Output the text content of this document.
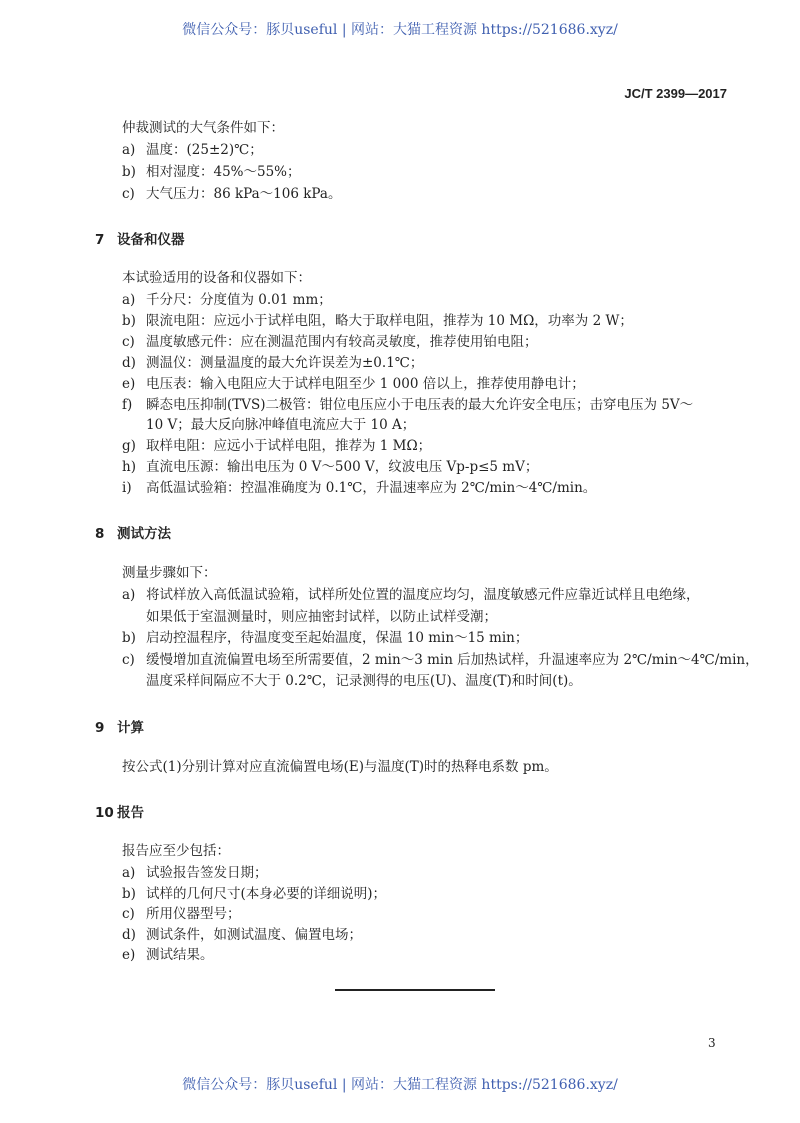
微信公众号：豚贝useful | 网站：大猫工程资源 https://521686.xyz/
JC/T 2399—2017
仲裁测试的大气条件如下：
a) 温度：(25±2)℃；
b) 相对湿度：45%～55%；
c) 大气压力：86 kPa～106 kPa。
7 设备和仪器
本试验适用的设备和仪器如下：
a) 千分尺：分度值为 0.01 mm；
b) 限流电阻：应远小于试样电阻，略大于取样电阻，推荐为 10 MΩ，功率为 2 W；
c) 温度敏感元件：应在测温范围内有较高灵敏度，推荐使用铂电阻；
d) 测温仪：测量温度的最大允许误差为±0.1℃；
e) 电压表：输入电阻应大于试样电阻至少 1 000 倍以上，推荐使用静电计；
f) 瞬态电压抑制(TVS)二极管：钳位电压应小于电压表的最大允许安全电压；击穿电压为 5V～
10 V；最大反向脉冲峰值电流应大于 10 A；
g) 取样电阻：应远小于试样电阻，推荐为 1 MΩ；
h) 直流电压源：输出电压为 0 V～500 V，纹波电压 Vp-p≤5 mV；
i) 高低温试验箱：控温准确度为 0.1℃，升温速率应为 2℃/min～4℃/min。
8 测试方法
测量步骤如下：
a) 将试样放入高低温试验箱，试样所处位置的温度应均匀，温度敏感元件应靠近试样且电绝缘，
如果低于室温测量时，则应抽密封试样，以防止试样受潮；
b) 启动控温程序，待温度变至起始温度，保温 10 min～15 min；
c) 缓慢增加直流偏置电场至所需要值，2 min～3 min 后加热试样，升温速率应为 2℃/min～4℃/min，
温度采样间隔应不大于 0.2℃，记录测得的电压(U)、温度(T)和时间(t)。
9 计算
按公式(1)分别计算对应直流偏置电场(E)与温度(T)时的热释电系数 pm。
10 报告
报告应至少包括：
a) 试验报告签发日期；
b) 试样的几何尺寸(本身必要的详细说明)；
c) 所用仪器型号；
d) 测试条件，如测试温度、偏置电场；
e) 测试结果。
3
微信公众号：豚贝useful | 网站：大猫工程资源 https://521686.xyz/
